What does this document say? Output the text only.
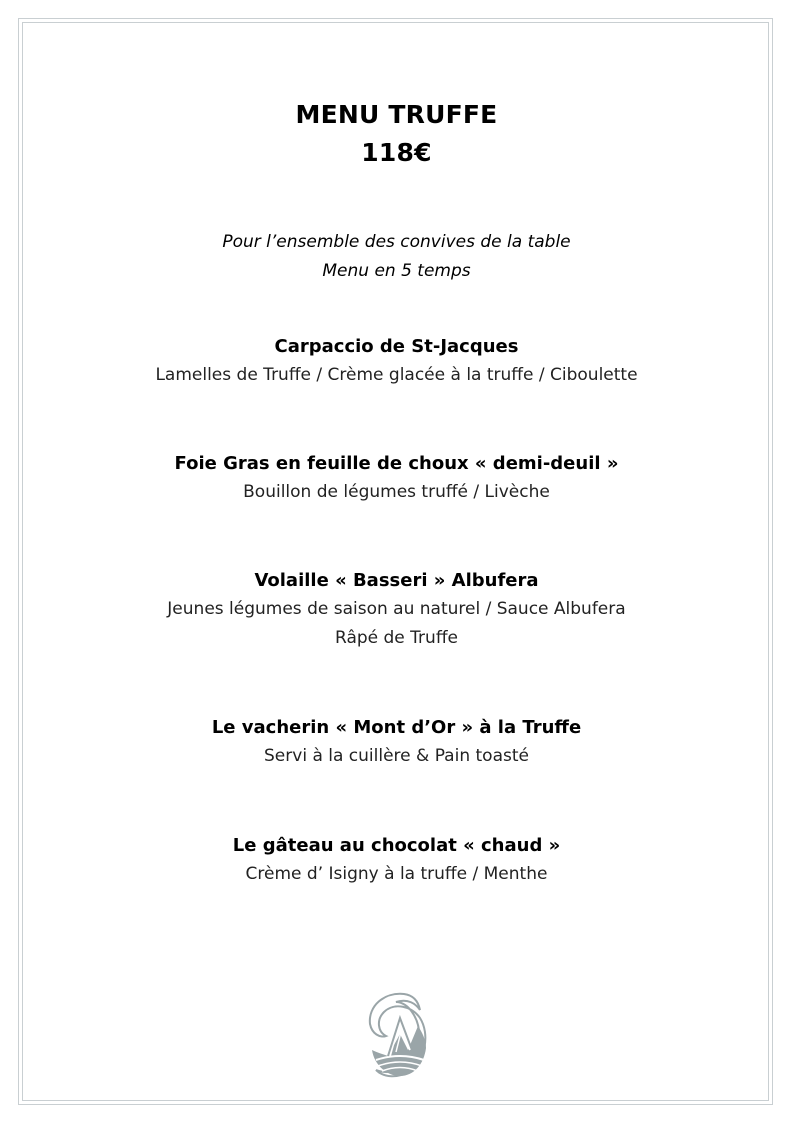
MENU TRUFFE
118€
Pour l’ensemble des convives de la table
Menu en 5 temps
Carpaccio de St-Jacques
Lamelles de Truffe / Crème glacée à la truffe / Ciboulette
Foie Gras en feuille de choux « demi-deuil »
Bouillon de légumes truffé / Livèche
Volaille « Basseri » Albufera
Jeunes légumes de saison au naturel / Sauce Albufera
Râpé de Truffe
Le vacherin « Mont d’Or » à la Truffe
Servi à la cuillère & Pain toasté
Le gâteau au chocolat « chaud »
Crème d’ Isigny à la truffe / Menthe
